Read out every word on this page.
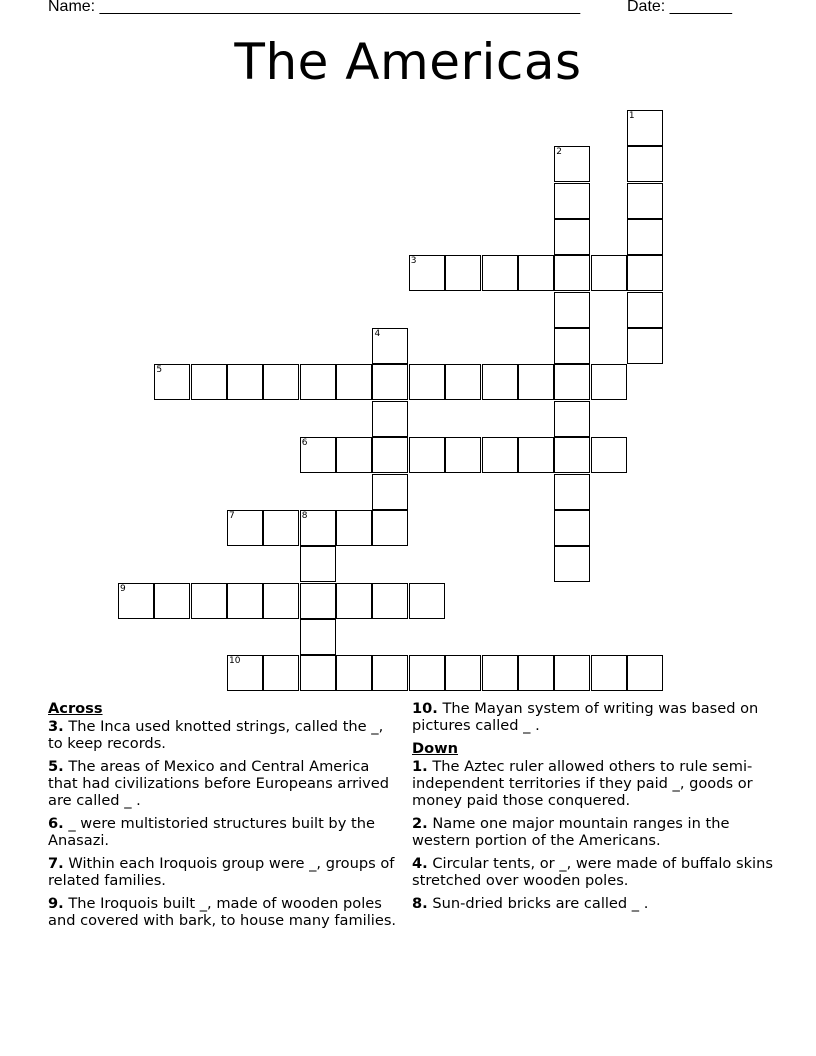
Name: ______________________________________________________	Date: _______
The Americas
1
2
3
4
5
6
7	8
9
10
Across
3. The Inca used knotted strings, called the _, to keep records.
5. The areas of Mexico and Central America that had civilizations before Europeans arrived are called _ .
6. _ were multistoried structures built by the Anasazi.
7. Within each Iroquois group were _, groups of related families.
9. The Iroquois built _, made of wooden poles and covered with bark, to house many families.
10. The Mayan system of writing was based on pictures called _ .
Down
1. The Aztec ruler allowed others to rule semi-independent territories if they paid _, goods or money paid those conquered.
2. Name one major mountain ranges in the western portion of the Americans.
4. Circular tents, or _, were made of buffalo skins stretched over wooden poles.
8. Sun-dried bricks are called _ .
